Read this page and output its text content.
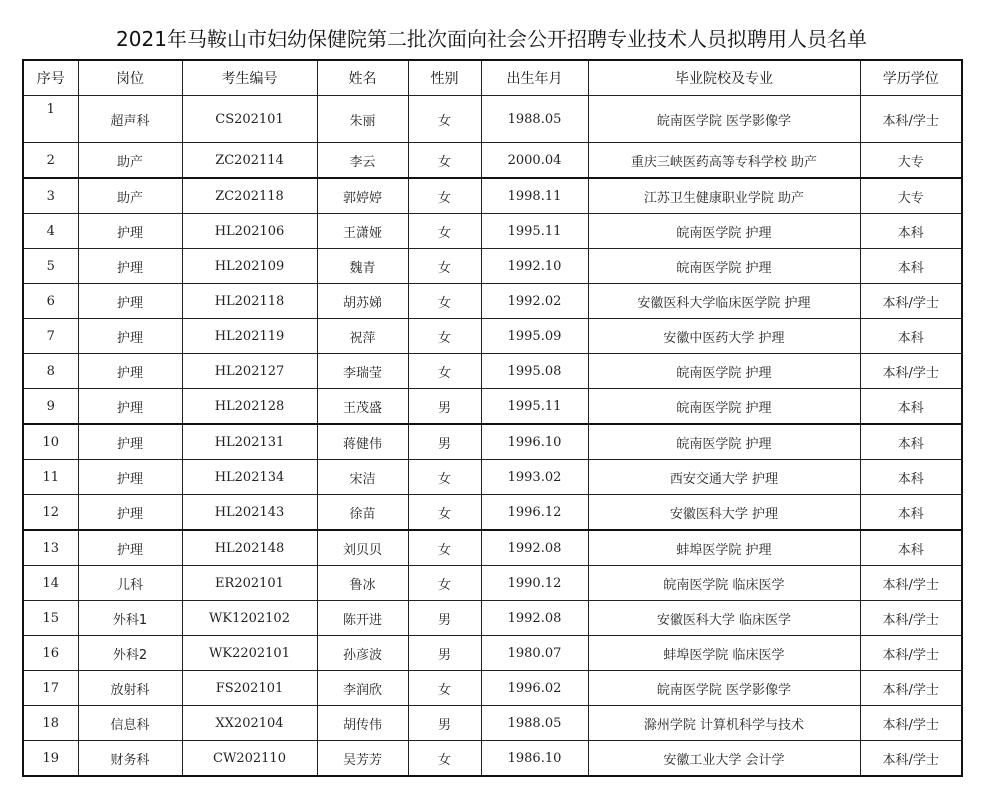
2021年马鞍山市妇幼保健院第二批次面向社会公开招聘专业技术人员拟聘用人员名单
序号	岗位	考生编号	姓名	性别	出生年月	毕业院校及专业	学历学位
1	超声科	CS202101	朱丽	女	1988.05	皖南医学院 医学影像学	本科/学士
2	助产	ZC202114	李云	女	2000.04	重庆三峡医药高等专科学校 助产	大专
3	助产	ZC202118	郭婷婷	女	1998.11	江苏卫生健康职业学院 助产	大专
4	护理	HL202106	王潇娅	女	1995.11	皖南医学院 护理	本科
5	护理	HL202109	魏青	女	1992.10	皖南医学院 护理	本科
6	护理	HL202118	胡苏娣	女	1992.02	安徽医科大学临床医学院 护理	本科/学士
7	护理	HL202119	祝萍	女	1995.09	安徽中医药大学 护理	本科
8	护理	HL202127	李瑞莹	女	1995.08	皖南医学院 护理	本科/学士
9	护理	HL202128	王茂盛	男	1995.11	皖南医学院 护理	本科
10	护理	HL202131	蒋健伟	男	1996.10	皖南医学院 护理	本科
11	护理	HL202134	宋洁	女	1993.02	西安交通大学 护理	本科
12	护理	HL202143	徐苗	女	1996.12	安徽医科大学 护理	本科
13	护理	HL202148	刘贝贝	女	1992.08	蚌埠医学院 护理	本科
14	儿科	ER202101	鲁冰	女	1990.12	皖南医学院 临床医学	本科/学士
15	外科1	WK1202102	陈开进	男	1992.08	安徽医科大学 临床医学	本科/学士
16	外科2	WK2202101	孙彦波	男	1980.07	蚌埠医学院 临床医学	本科/学士
17	放射科	FS202101	李润欣	女	1996.02	皖南医学院 医学影像学	本科/学士
18	信息科	XX202104	胡传伟	男	1988.05	滁州学院 计算机科学与技术	本科/学士
19	财务科	CW202110	吴芳芳	女	1986.10	安徽工业大学 会计学	本科/学士
